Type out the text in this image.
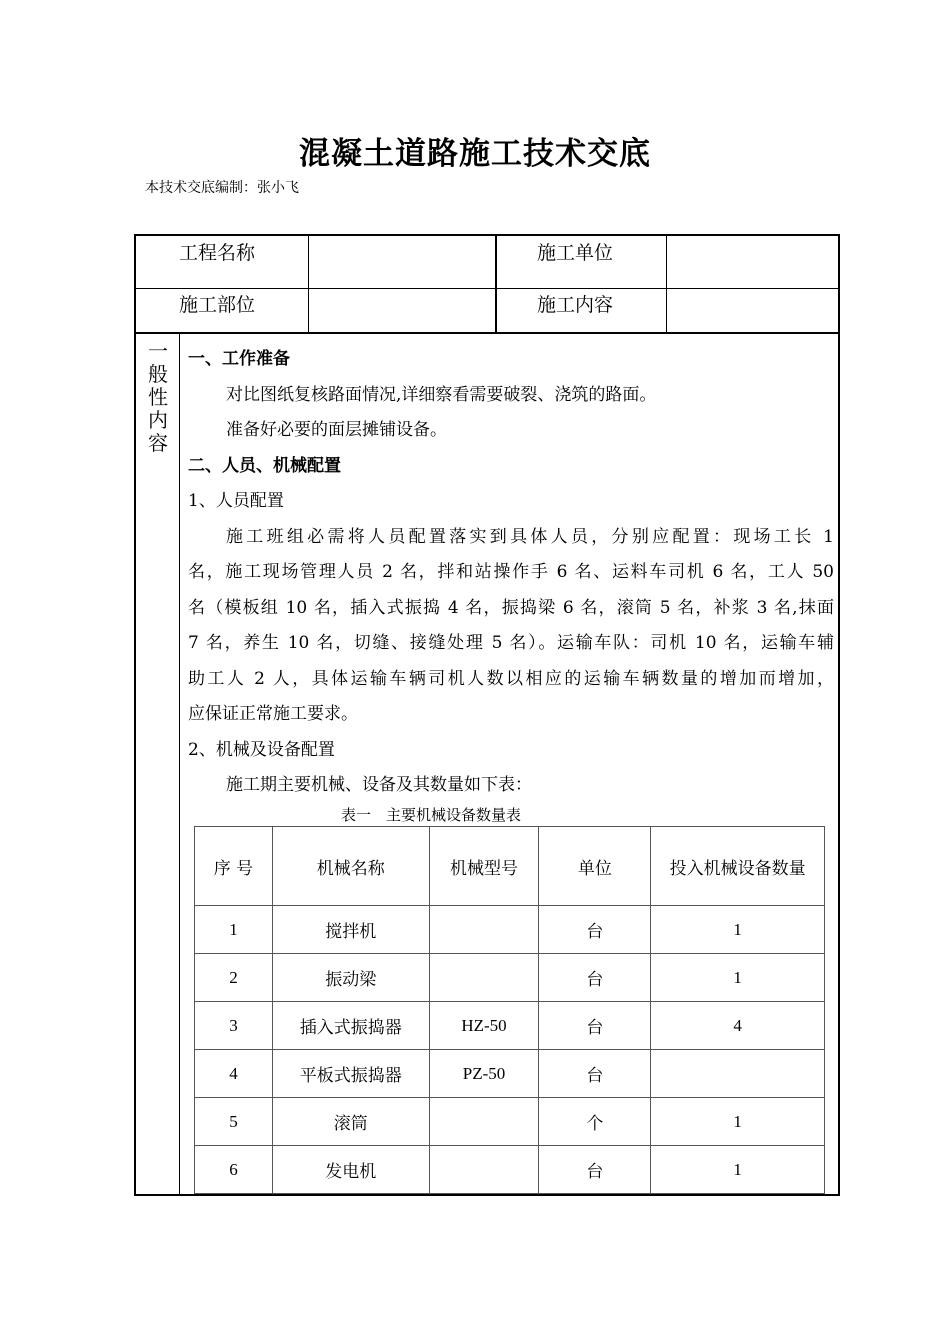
混凝土道路施工技术交底
本技术交底编制：张小飞
工程名称	施工单位
施工部位	施工内容
一
般
性
内
容

一、工作准备

对比图纸复核路面情况,详细察看需要破裂、浇筑的路面。

准备好必要的面层摊铺设备。

二、人员、机械配置

1、人员配置

施工班组必需将人员配置落实到具体人员，分别应配置：现场工长 1

名，施工现场管理人员 2 名，拌和站操作手 6 名、运料车司机 6 名，工人 50

名（模板组 10 名，插入式振捣 4 名，振捣梁 6 名，滚筒 5 名，补浆 3 名,抹面

7 名，养生 10 名，切缝、接缝处理 5 名）。运输车队：司机 10 名，运输车辅

助工人 2 人，具体运输车辆司机人数以相应的运输车辆数量的增加而增加，

应保证正常施工要求。

2、机械及设备配置

施工期主要机械、设备及其数量如下表：

表一　主要机械设备数量表
序 号	机械名称	机械型号	单位	投入机械设备数量
1	搅拌机		台	1
2	振动梁		台	1
3	插入式振捣器	HZ-50	台	4
4	平板式振捣器	PZ-50	台	
5	滚筒		个	1
6	发电机		台	1
